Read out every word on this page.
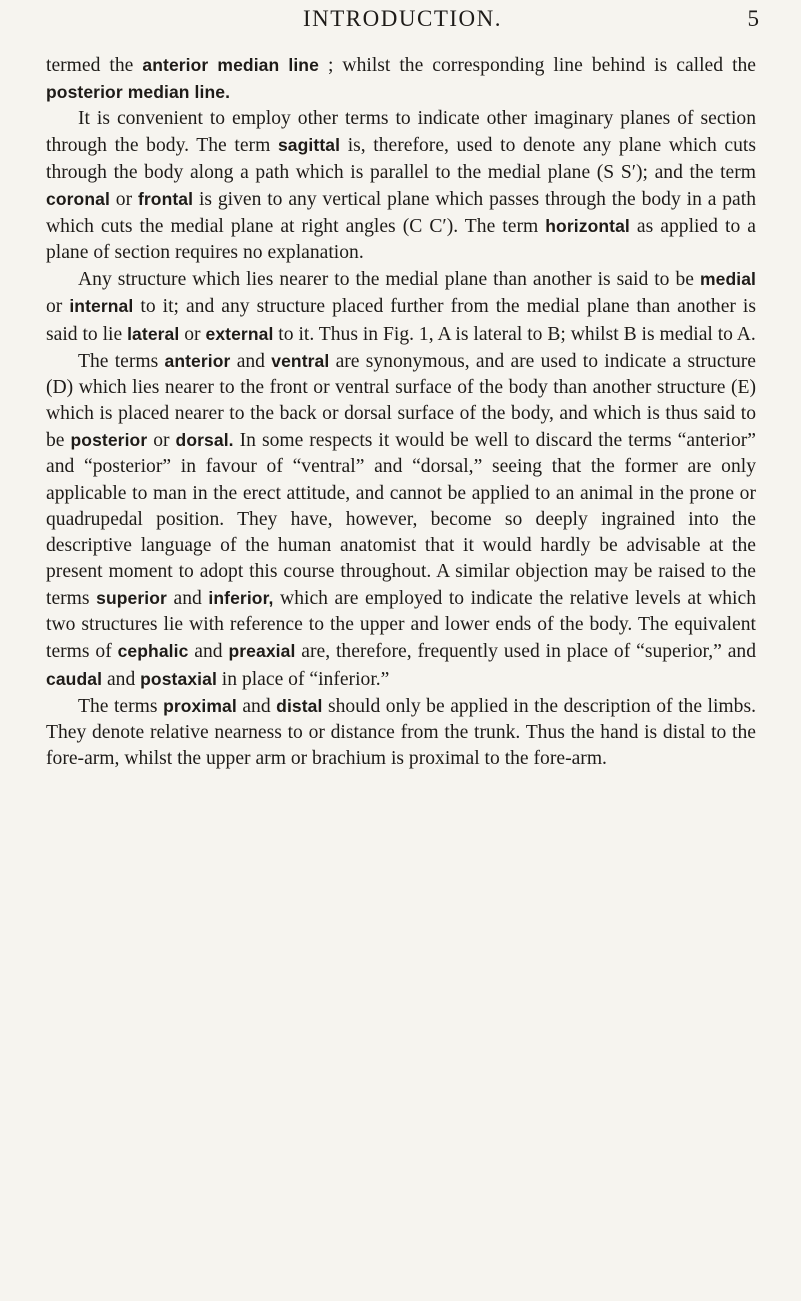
INTRODUCTION.	5

termed the anterior median line ; whilst the corresponding line behind is called the posterior median line.

It is convenient to employ other terms to indicate other imaginary planes of section through the body. The term sagittal is, therefore, used to denote any plane which cuts through the body along a path which is parallel to the medial plane (S S′); and the term coronal or frontal is given to any vertical plane which passes through the body in a path which cuts the medial plane at right angles (C C′). The term horizontal as applied to a plane of section requires no explanation.

Any structure which lies nearer to the medial plane than another is said to be medial or internal to it; and any structure placed further from the medial plane than another is said to lie lateral or external to it. Thus in Fig. 1, A is lateral to B; whilst B is medial to A.

The terms anterior and ventral are synonymous, and are used to indicate a structure (D) which lies nearer to the front or ventral surface of the body than another structure (E) which is placed nearer to the back or dorsal surface of the body, and which is thus said to be posterior or dorsal. In some respects it would be well to discard the terms “anterior” and “posterior” in favour of “ventral” and “dorsal,” seeing that the former are only applicable to man in the erect attitude, and cannot be applied to an animal in the prone or quadrupedal position. They have, however, become so deeply ingrained into the descriptive language of the human anatomist that it would hardly be advisable at the present moment to adopt this course throughout. A similar objection may be raised to the terms superior and inferior, which are employed to indicate the relative levels at which two structures lie with reference to the upper and lower ends of the body. The equivalent terms of cephalic and preaxial are, therefore, frequently used in place of “superior,” and caudal and postaxial in place of “inferior.”

The terms proximal and distal should only be applied in the description of the limbs. They denote relative nearness to or distance from the trunk. Thus the hand is distal to the fore-arm, whilst the upper arm or brachium is proximal to the fore-arm.
